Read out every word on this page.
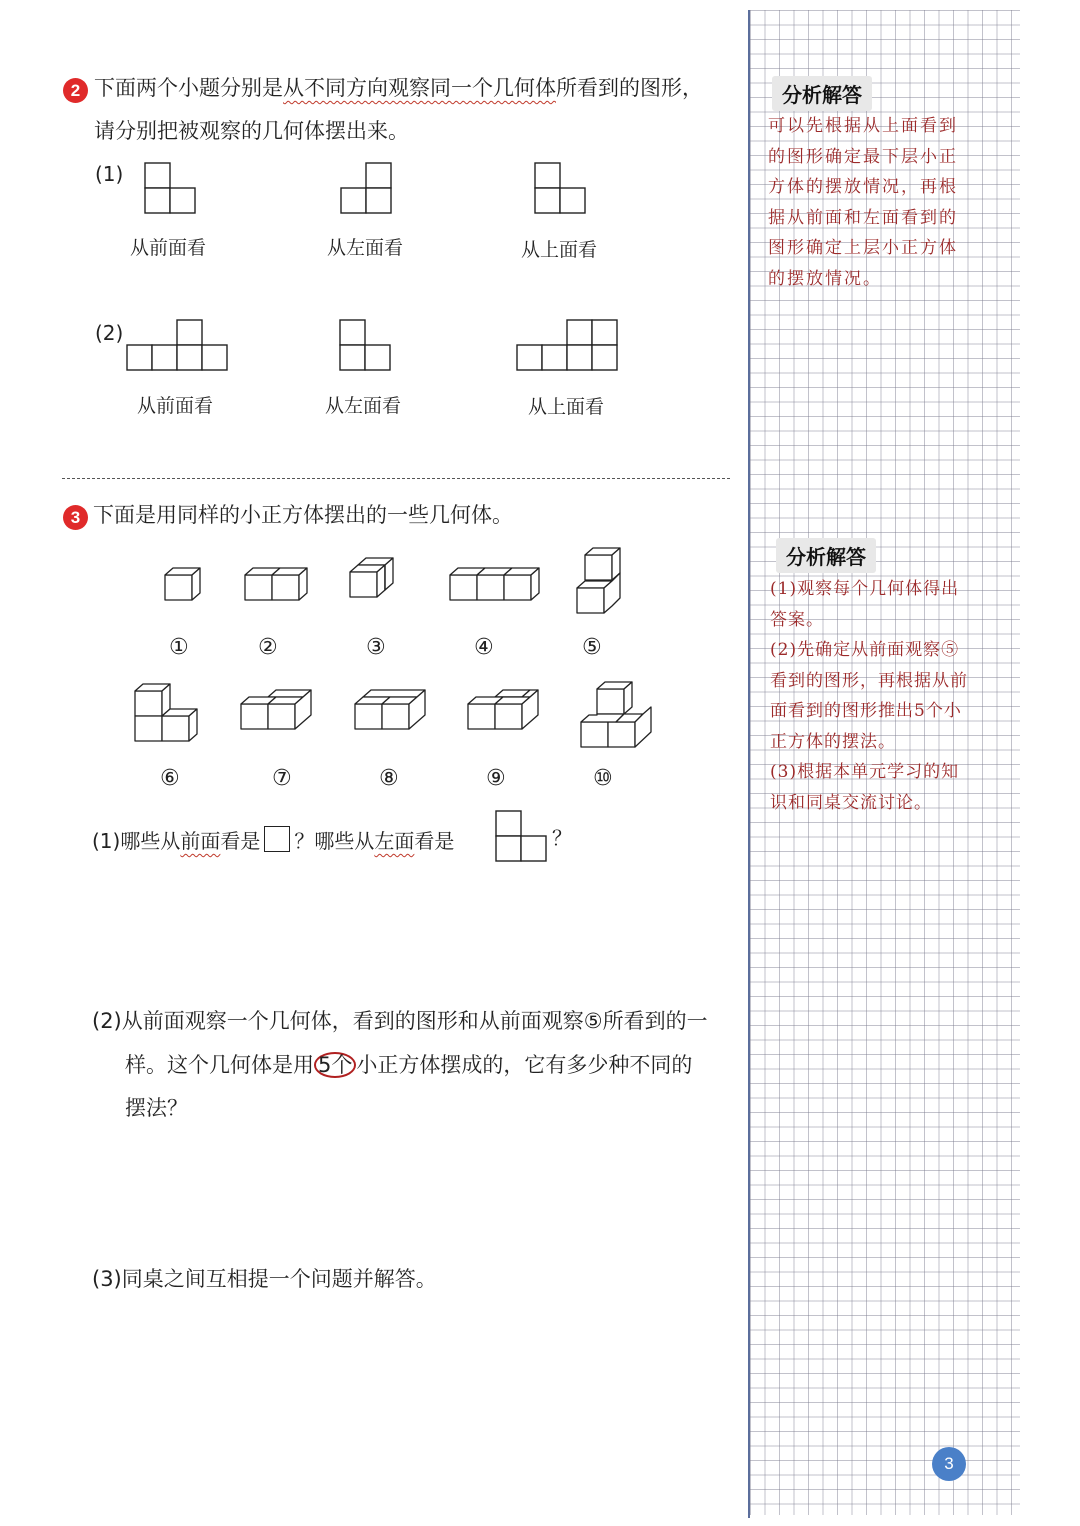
分析解答
可以先根据从上面看到的图形确定最下层小正方体的摆放情况，再根据从前面和左面看到的图形确定上层小正方体的摆放情况。
分析解答
(1)观察每个几何体得出答案。
(2)先确定从前面观察⑤看到的图形，再根据从前面看到的图形推出5个小正方体的摆法。
(3)根据本单元学习的知识和同桌交流讨论。
3
2 下面两个小题分别是从不同方向观察同一个几何体所看到的图形，
请分别把被观察的几何体摆出来。
(1)
从前面看	从左面看	从上面看
(2)
从前面看	从左面看	从上面看
3 下面是用同样的小正方体摆出的一些几何体。
①	②	③	④	⑤
⑥	⑦	⑧	⑨	⑩
(1)哪些从前面看是 ？哪些从左面看是	？
(2)从前面观察一个几何体，看到的图形和从前面观察⑤所看到的一
样。这个几何体是用 5个 小正方体摆成的，它有多少种不同的
摆法？
(3)同桌之间互相提一个问题并解答。
